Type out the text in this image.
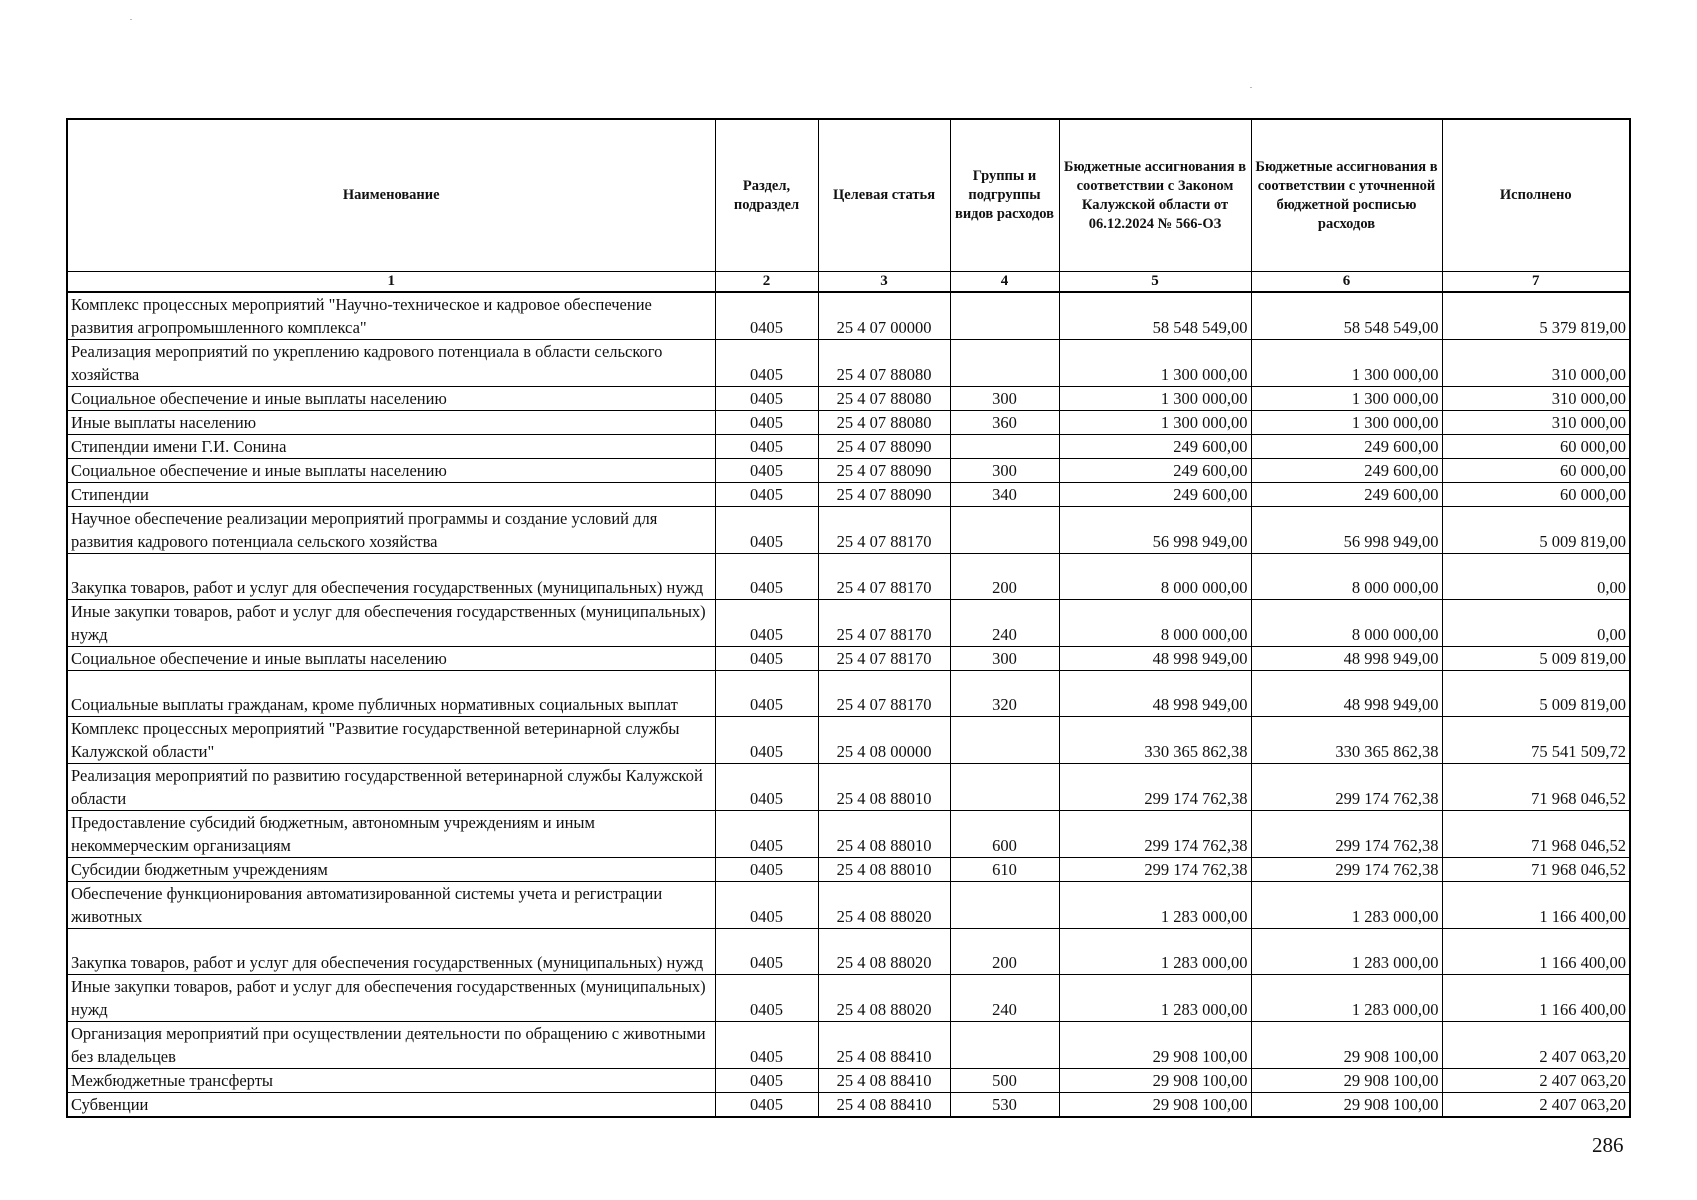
Наименование	Раздел, подраздел	Целевая статья	Группы и подгруппы видов расходов	Бюджетные ассигнования в соответствии с Законом Калужской области от 06.12.2024 № 566-ОЗ	Бюджетные ассигнования в соответствии с уточненной бюджетной росписью расходов	Исполнено
1	2	3	4	5	6	7
Комплекс процессных мероприятий "Научно-техническое и кадровое обеспечение развития агропромышленного комплекса"	0405	25 4 07 00000		58 548 549,00	58 548 549,00	5 379 819,00
Реализация мероприятий по укреплению кадрового потенциала в области сельского хозяйства	0405	25 4 07 88080		1 300 000,00	1 300 000,00	310 000,00
Социальное обеспечение и иные выплаты населению	0405	25 4 07 88080	300	1 300 000,00	1 300 000,00	310 000,00
Иные выплаты населению	0405	25 4 07 88080	360	1 300 000,00	1 300 000,00	310 000,00
Стипендии имени Г.И. Сонина	0405	25 4 07 88090		249 600,00	249 600,00	60 000,00
Социальное обеспечение и иные выплаты населению	0405	25 4 07 88090	300	249 600,00	249 600,00	60 000,00
Стипендии	0405	25 4 07 88090	340	249 600,00	249 600,00	60 000,00
Научное обеспечение реализации мероприятий программы и создание условий для развития кадрового потенциала сельского хозяйства	0405	25 4 07 88170		56 998 949,00	56 998 949,00	5 009 819,00
Закупка товаров, работ и услуг для обеспечения государственных (муниципальных) нужд	0405	25 4 07 88170	200	8 000 000,00	8 000 000,00	0,00
Иные закупки товаров, работ и услуг для обеспечения государственных (муниципальных) нужд	0405	25 4 07 88170	240	8 000 000,00	8 000 000,00	0,00
Социальное обеспечение и иные выплаты населению	0405	25 4 07 88170	300	48 998 949,00	48 998 949,00	5 009 819,00
Социальные выплаты гражданам, кроме публичных нормативных социальных выплат	0405	25 4 07 88170	320	48 998 949,00	48 998 949,00	5 009 819,00
Комплекс процессных мероприятий "Развитие государственной ветеринарной службы Калужской области"	0405	25 4 08 00000		330 365 862,38	330 365 862,38	75 541 509,72
Реализация мероприятий по развитию государственной ветеринарной службы Калужской области	0405	25 4 08 88010		299 174 762,38	299 174 762,38	71 968 046,52
Предоставление субсидий бюджетным, автономным учреждениям и иным некоммерческим организациям	0405	25 4 08 88010	600	299 174 762,38	299 174 762,38	71 968 046,52
Субсидии бюджетным учреждениям	0405	25 4 08 88010	610	299 174 762,38	299 174 762,38	71 968 046,52
Обеспечение функционирования автоматизированной системы учета и регистрации животных	0405	25 4 08 88020		1 283 000,00	1 283 000,00	1 166 400,00
Закупка товаров, работ и услуг для обеспечения государственных (муниципальных) нужд	0405	25 4 08 88020	200	1 283 000,00	1 283 000,00	1 166 400,00
Иные закупки товаров, работ и услуг для обеспечения государственных (муниципальных) нужд	0405	25 4 08 88020	240	1 283 000,00	1 283 000,00	1 166 400,00
Организация мероприятий при осуществлении деятельности по обращению с животными без владельцев	0405	25 4 08 88410		29 908 100,00	29 908 100,00	2 407 063,20
Межбюджетные трансферты	0405	25 4 08 88410	500	29 908 100,00	29 908 100,00	2 407 063,20
Субвенции	0405	25 4 08 88410	530	29 908 100,00	29 908 100,00	2 407 063,20
286
